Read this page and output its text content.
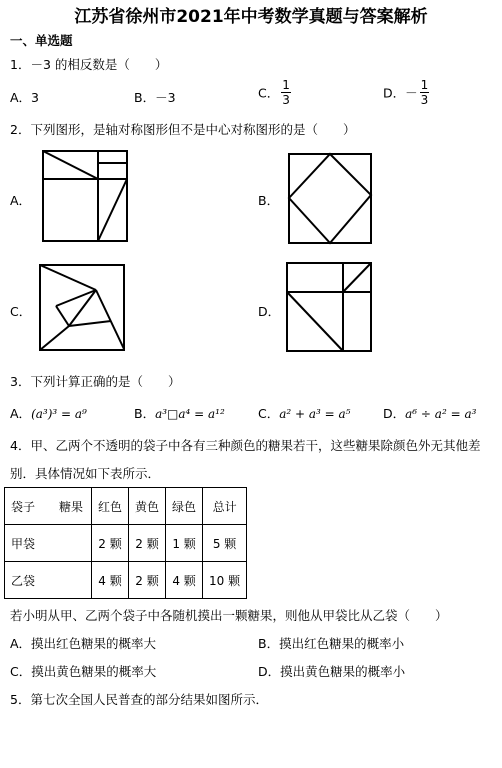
江苏省徐州市2021年中考数学真题与答案解析
一、单选题
1．－3 的相反数是（　　）
A．3	B．－3	C． $\frac{1}{3}$	D．－ $\frac{1}{3}$
2．下列图形，是轴对称图形但不是中心对称图形的是（　　）
A．	B．
C．	D．
3．下列计算正确的是（　　）
A．(a³)³ = a⁹	B．a³□a⁴ = a¹²	C．a² + a³ = a⁵	D．a⁶ ÷ a² = a³
4．甲、乙两个不透明的袋子中各有三种颜色的糖果若干，这些糖果除颜色外无其他差
别．具体情况如下表所示．
袋子　　糖果	红色	黄色	绿色	总计
甲袋	2 颗	2 颗	1 颗	5 颗
乙袋	4 颗	2 颗	4 颗	10 颗
若小明从甲、乙两个袋子中各随机摸出一颗糖果，则他从甲袋比从乙袋（　　）
A．摸出红色糖果的概率大	B．摸出红色糖果的概率小
C．摸出黄色糖果的概率大	D．摸出黄色糖果的概率小
5．第七次全国人民普查的部分结果如图所示．
